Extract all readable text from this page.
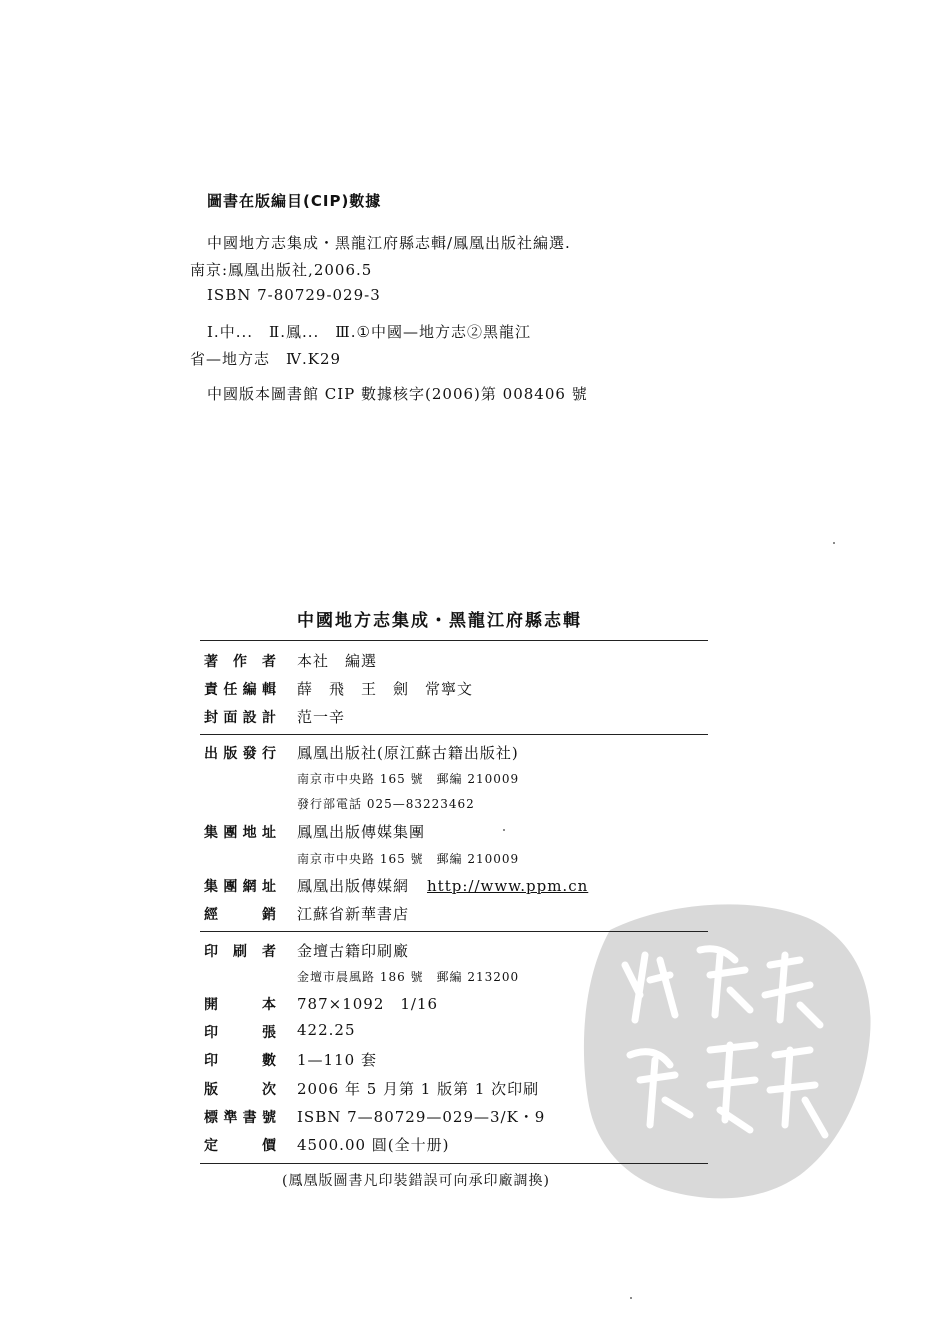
圖書在版編目(CIP)數據
中國地方志集成・黑龍江府縣志輯/鳳凰出版社編選.
南京:鳳凰出版社,2006.5
ISBN 7-80729-029-3
Ⅰ.中...　Ⅱ.鳳...　Ⅲ.①中國—地方志②黑龍江
省—地方志　Ⅳ.K29
中國版本圖書館 CIP 數據核字(2006)第 008406 號
中國地方志集成・黑龍江府縣志輯
著作者 本社　編選
責任編輯 薛　飛　王　劍　常寧文
封面設計 范一辛
出版發行 鳳凰出版社(原江蘇古籍出版社)
南京市中央路 165 號　郵編 210009
發行部電話 025—83223462
集團地址 鳳凰出版傳媒集團
南京市中央路 165 號　郵編 210009
集團網址 鳳凰出版傳媒網 http://www.ppm.cn
經銷 江蘇省新華書店
印刷者 金壇古籍印刷廠
金壇市晨風路 186 號　郵編 213200
開本 787×1092　1/16
印張 422.25
印數 1—110 套
版次 2006 年 5 月第 1 版第 1 次印刷
標準書號 ISBN 7—80729—029—3/K・9
定價 4500.00 圓(全十册)
(鳳凰版圖書凡印裝錯誤可向承印廠調換)
